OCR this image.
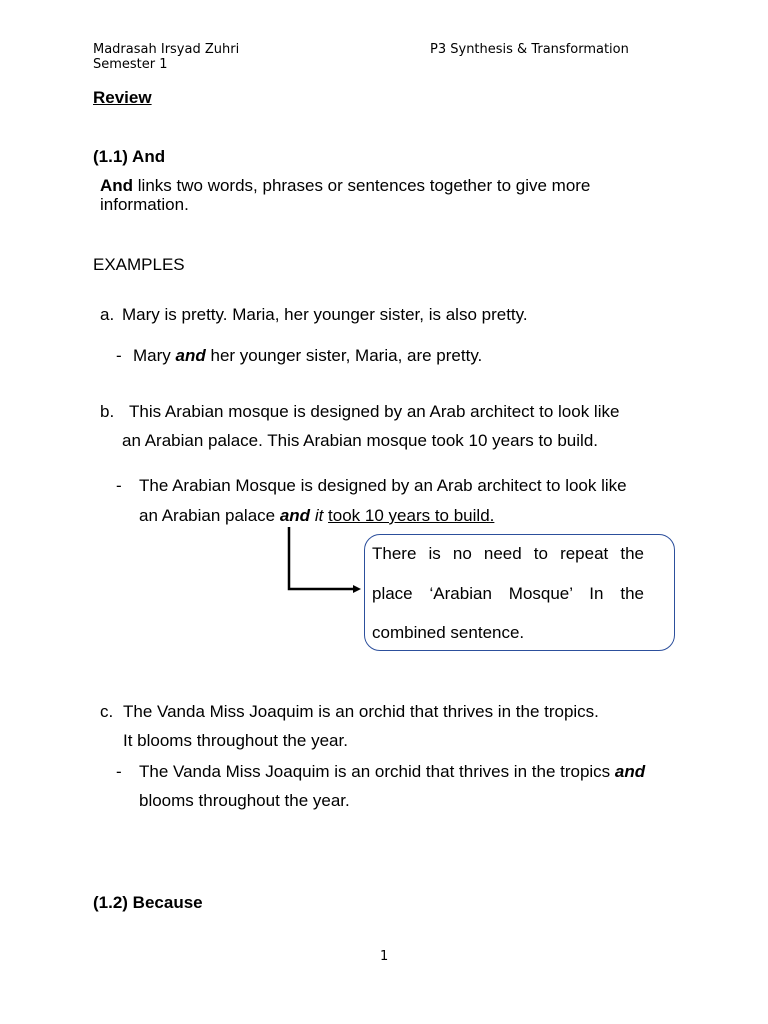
Madrasah Irsyad Zuhri
Semester 1
P3 Synthesis & Transformation
Review
(1.1) And
And links two words, phrases or sentences together to give more
information.
EXAMPLES
a. Mary is pretty. Maria, her younger sister, is also pretty.
- Mary and her younger sister, Maria, are pretty.
b. This Arabian mosque is designed by an Arab architect to look like
an Arabian palace. This Arabian mosque took 10 years to build.
- The Arabian Mosque is designed by an Arab architect to look like
an Arabian palace and it took 10 years to build.
There is no need to repeat the
place ‘Arabian Mosque’ In the
combined sentence.
c. The Vanda Miss Joaquim is an orchid that thrives in the tropics.
It blooms throughout the year.
- The Vanda Miss Joaquim is an orchid that thrives in the tropics and
blooms throughout the year.
(1.2) Because
1
